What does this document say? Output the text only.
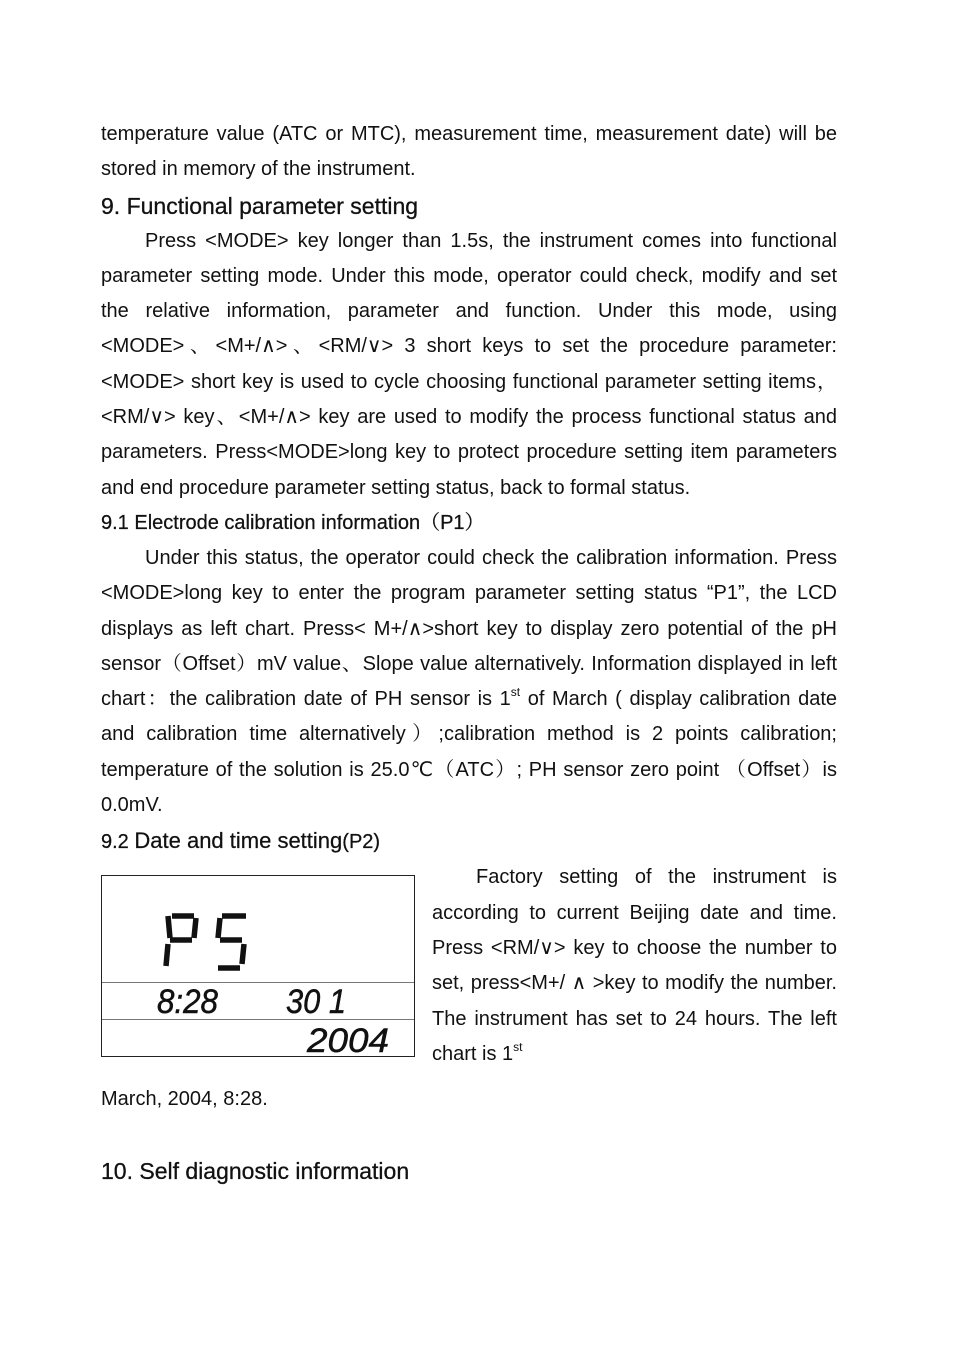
temperature value (ATC or MTC), measurement time, measurement date) will be stored in memory of the instrument.

9. Functional parameter setting

Press <MODE> key longer than 1.5s, the instrument comes into functional parameter setting mode. Under this mode, operator could check, modify and set the relative information, parameter and function. Under this mode, using <MODE>、<M+/∧>、<RM/∨> 3 short keys to set the procedure parameter: <MODE> short key is used to cycle choosing functional parameter setting items，<RM/∨> key、<M+/∧> key are used to modify the process functional status and parameters. Press<MODE>long key to protect procedure setting item parameters and end procedure parameter setting status, back to formal status.

9.1 Electrode calibration information（P1）

Under this status, the operator could check the calibration information. Press <MODE>long key to enter the program parameter setting status “P1”, the LCD displays as left chart. Press< M+/∧>short key to display zero potential of the pH sensor（Offset）mV value、Slope value alternatively. Information displayed in left chart：the calibration date of PH sensor is 1st of March ( display calibration date and calibration time alternatively）;calibration method is 2 points calibration; temperature of the solution is 25.0℃（ATC）; PH sensor zero point （Offset）is 0.0mV.

9.2 Date and time setting(P2)
8:28 30 1
2004

Factory setting of the instrument is according to current Beijing date and time. Press <RM/∨> key to choose the number to set, press<M+/ ∧ >key to modify the number. The instrument has set to 24 hours. The left chart is 1st

March, 2004, 8:28.

10. Self diagnostic information
